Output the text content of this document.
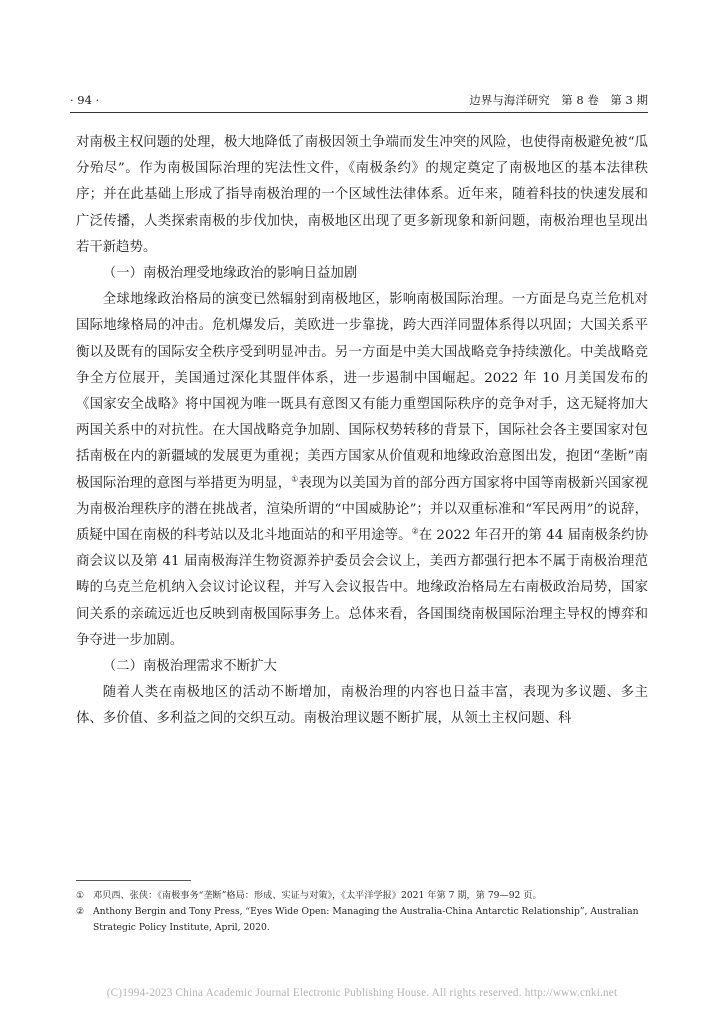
· 94 ·	边界与海洋研究　第 8 卷　第 3 期

对南极主权问题的处理，极大地降低了南极因领土争端而发生冲突的风险，也使得南极避免被“瓜分殆尽”。作为南极国际治理的宪法性文件，《南极条约》的规定奠定了南极地区的基本法律秩序；并在此基础上形成了指导南极治理的一个区域性法律体系。近年来，随着科技的快速发展和广泛传播，人类探索南极的步伐加快，南极地区出现了更多新现象和新问题，南极治理也呈现出若干新趋势。

（一）南极治理受地缘政治的影响日益加剧

全球地缘政治格局的演变已然辐射到南极地区，影响南极国际治理。一方面是乌克兰危机对国际地缘格局的冲击。危机爆发后，美欧进一步靠拢，跨大西洋同盟体系得以巩固；大国关系平衡以及既有的国际安全秩序受到明显冲击。另一方面是中美大国战略竞争持续激化。中美战略竞争全方位展开，美国通过深化其盟伴体系，进一步遏制中国崛起。2022 年 10 月美国发布的《国家安全战略》将中国视为唯一既具有意图又有能力重塑国际秩序的竞争对手，这无疑将加大两国关系中的对抗性。在大国战略竞争加剧、国际权势转移的背景下，国际社会各主要国家对包括南极在内的新疆域的发展更为重视；美西方国家从价值观和地缘政治意图出发，抱团“垄断”南极国际治理的意图与举措更为明显，①表现为以美国为首的部分西方国家将中国等南极新兴国家视为南极治理秩序的潜在挑战者，渲染所谓的“中国威胁论”；并以双重标准和“军民两用”的说辞，质疑中国在南极的科考站以及北斗地面站的和平用途等。②在 2022 年召开的第 44 届南极条约协商会议以及第 41 届南极海洋生物资源养护委员会会议上，美西方都强行把本不属于南极治理范畴的乌克兰危机纳入会议讨论议程，并写入会议报告中。地缘政治格局左右南极政治局势，国家间关系的亲疏远近也反映到南极国际事务上。总体来看，各国围绕南极国际治理主导权的博弈和争夺进一步加剧。

（二）南极治理需求不断扩大

随着人类在南极地区的活动不断增加，南极治理的内容也日益丰富，表现为多议题、多主体、多价值、多利益之间的交织互动。南极治理议题不断扩展，从领土主权问题、科

① 邓贝西、张侠：《南极事务“垄断”格局：形成、实证与对策》，《太平洋学报》2021 年第 7 期，第 79—92 页。
② Anthony Bergin and Tony Press, “Eyes Wide Open: Managing the Australia-China Antarctic Relationship”, Australian Strategic Policy Institute, April, 2020.
(C)1994-2023 China Academic Journal Electronic Publishing House. All rights reserved. http://www.cnki.net
